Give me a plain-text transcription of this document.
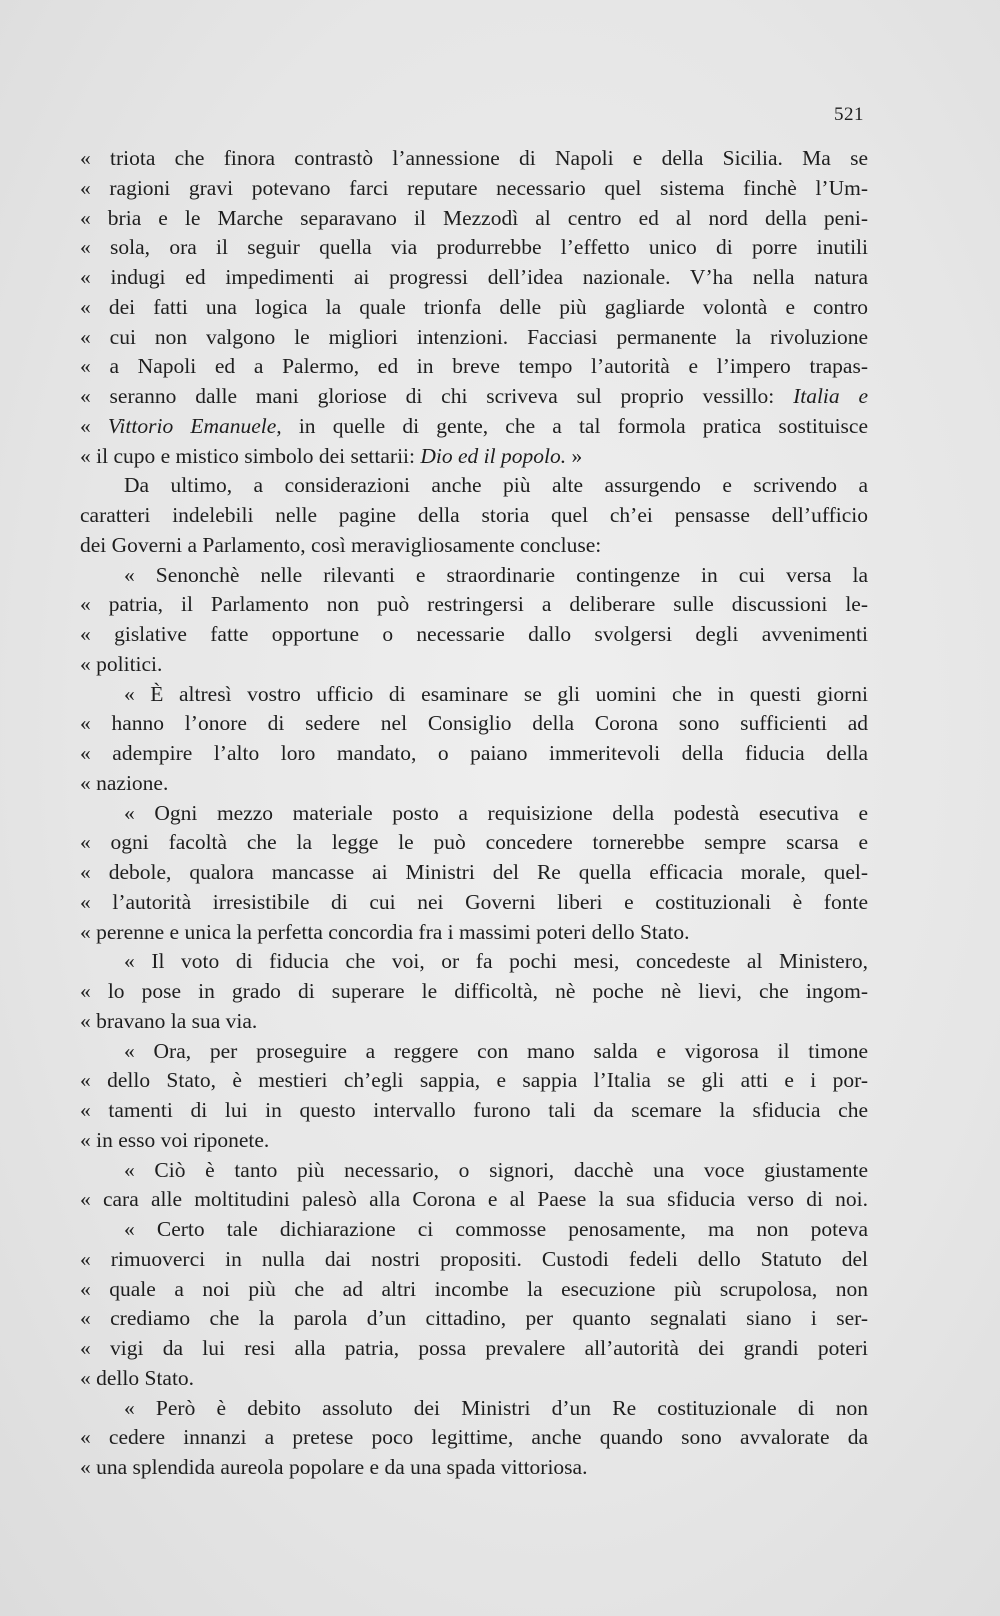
521
« triota che finora contrastò l’annessione di Napoli e della Sicilia. Ma se
« ragioni gravi potevano farci reputare necessario quel sistema finchè l’Um-
« bria e le Marche separavano il Mezzodì al centro ed al nord della peni-
« sola, ora il seguir quella via produrrebbe l’effetto unico di porre inutili
« indugi ed impedimenti ai progressi dell’idea nazionale. V’ha nella natura
« dei fatti una logica la quale trionfa delle più gagliarde volontà e contro
« cui non valgono le migliori intenzioni. Facciasi permanente la rivoluzione
« a Napoli ed a Palermo, ed in breve tempo l’autorità e l’impero trapas-
« seranno dalle mani gloriose di chi scriveva sul proprio vessillo: Italia e
« Vittorio Emanuele, in quelle di gente, che a tal formola pratica sostituisce
« il cupo e mistico simbolo dei settarii: Dio ed il popolo. »
Da ultimo, a considerazioni anche più alte assurgendo e scrivendo a
caratteri indelebili nelle pagine della storia quel ch’ei pensasse dell’ufficio
dei Governi a Parlamento, così meravigliosamente concluse:
« Senonchè nelle rilevanti e straordinarie contingenze in cui versa la
« patria, il Parlamento non può restringersi a deliberare sulle discussioni le-
« gislative fatte opportune o necessarie dallo svolgersi degli avvenimenti
« politici.
« È altresì vostro ufficio di esaminare se gli uomini che in questi giorni
« hanno l’onore di sedere nel Consiglio della Corona sono sufficienti ad
« adempire l’alto loro mandato, o paiano immeritevoli della fiducia della
« nazione.
« Ogni mezzo materiale posto a requisizione della podestà esecutiva e
« ogni facoltà che la legge le può concedere tornerebbe sempre scarsa e
« debole, qualora mancasse ai Ministri del Re quella efficacia morale, quel-
« l’autorità irresistibile di cui nei Governi liberi e costituzionali è fonte
« perenne e unica la perfetta concordia fra i massimi poteri dello Stato.
« Il voto di fiducia che voi, or fa pochi mesi, concedeste al Ministero,
« lo pose in grado di superare le difficoltà, nè poche nè lievi, che ingom-
« bravano la sua via.
« Ora, per proseguire a reggere con mano salda e vigorosa il timone
« dello Stato, è mestieri ch’egli sappia, e sappia l’Italia se gli atti e i por-
« tamenti di lui in questo intervallo furono tali da scemare la sfiducia che
« in esso voi riponete.
« Ciò è tanto più necessario, o signori, dacchè una voce giustamente
« cara alle moltitudini palesò alla Corona e al Paese la sua sfiducia verso di noi.
« Certo tale dichiarazione ci commosse penosamente, ma non poteva
« rimuoverci in nulla dai nostri propositi. Custodi fedeli dello Statuto del
« quale a noi più che ad altri incombe la esecuzione più scrupolosa, non
« crediamo che la parola d’un cittadino, per quanto segnalati siano i ser-
« vigi da lui resi alla patria, possa prevalere all’autorità dei grandi poteri
« dello Stato.
« Però è debito assoluto dei Ministri d’un Re costituzionale di non
« cedere innanzi a pretese poco legittime, anche quando sono avvalorate da
« una splendida aureola popolare e da una spada vittoriosa.
